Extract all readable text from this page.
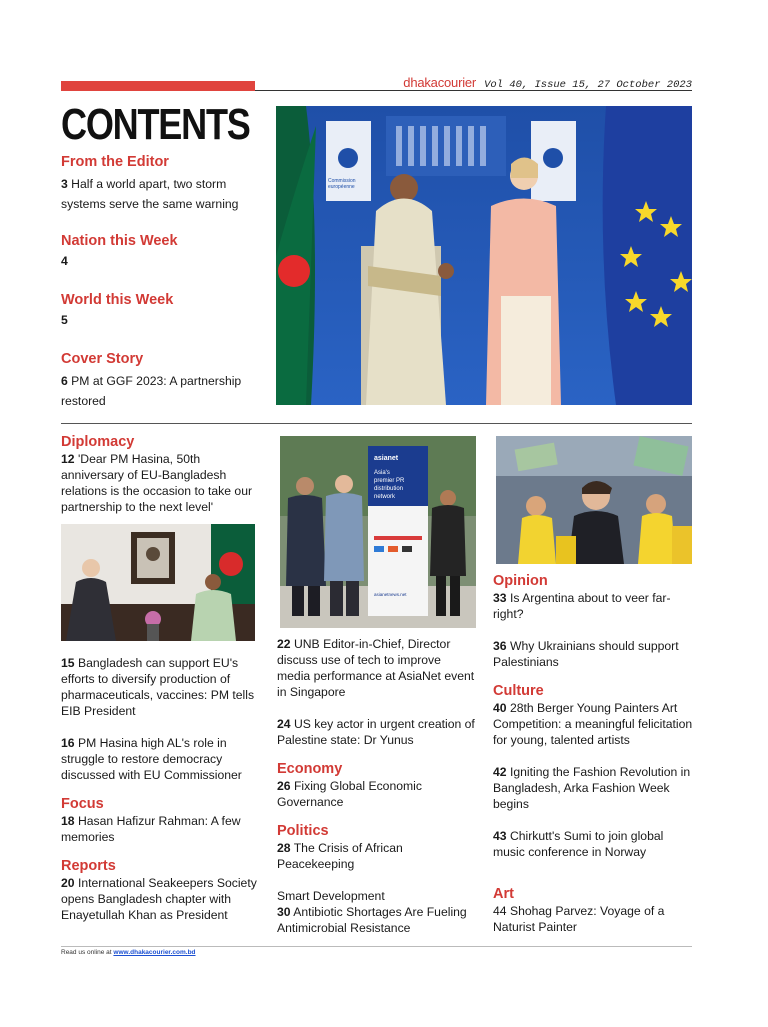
dhakacourier Vol 40, Issue 15, 27 October 2023
CONTENTS
From the Editor
3 Half a world apart, two storm systems serve the same warning
Nation this Week
4
World this Week
5
Cover Story
6 PM at GGF 2023: A partnership restored
Commission
européenne
Diplomacy
12 'Dear PM Hasina, 50th anniversary of EU-Bangladesh relations is the occasion to take our partnership to the next level'
15 Bangladesh can support EU's efforts to diversify production of pharmaceuticals, vaccines: PM tells EIB President
16 PM Hasina high AL's role in struggle to restore democracy discussed with EU Commissioner
Focus
18 Hasan Hafizur Rahman: A few memories
Reports
20 International Seakeepers Society opens Bangladesh chapter with Enayetullah Khan as President
asianet
Asia's
premier PR
distribution
network
asianetnews.net
22 UNB Editor-in-Chief, Director discuss use of tech to improve media performance at AsiaNet event in Singapore
24 US key actor in urgent creation of Palestine state: Dr Yunus
Economy
26 Fixing Global Economic Governance
Politics
28 The Crisis of African Peacekeeping
Smart Development
30 Antibiotic Shortages Are Fueling Antimicrobial Resistance
Opinion
33 Is Argentina about to veer far-right?
36 Why Ukrainians should support Palestinians
Culture
40 28th Berger Young Painters Art Competition: a meaningful felicitation for young, talented artists
42 Igniting the Fashion Revolution in Bangladesh, Arka Fashion Week begins
43 Chirkutt's Sumi to join global music conference in Norway
Art
44 Shohag Parvez: Voyage of a Naturist Painter
Read us online at www.dhakacourier.com.bd
